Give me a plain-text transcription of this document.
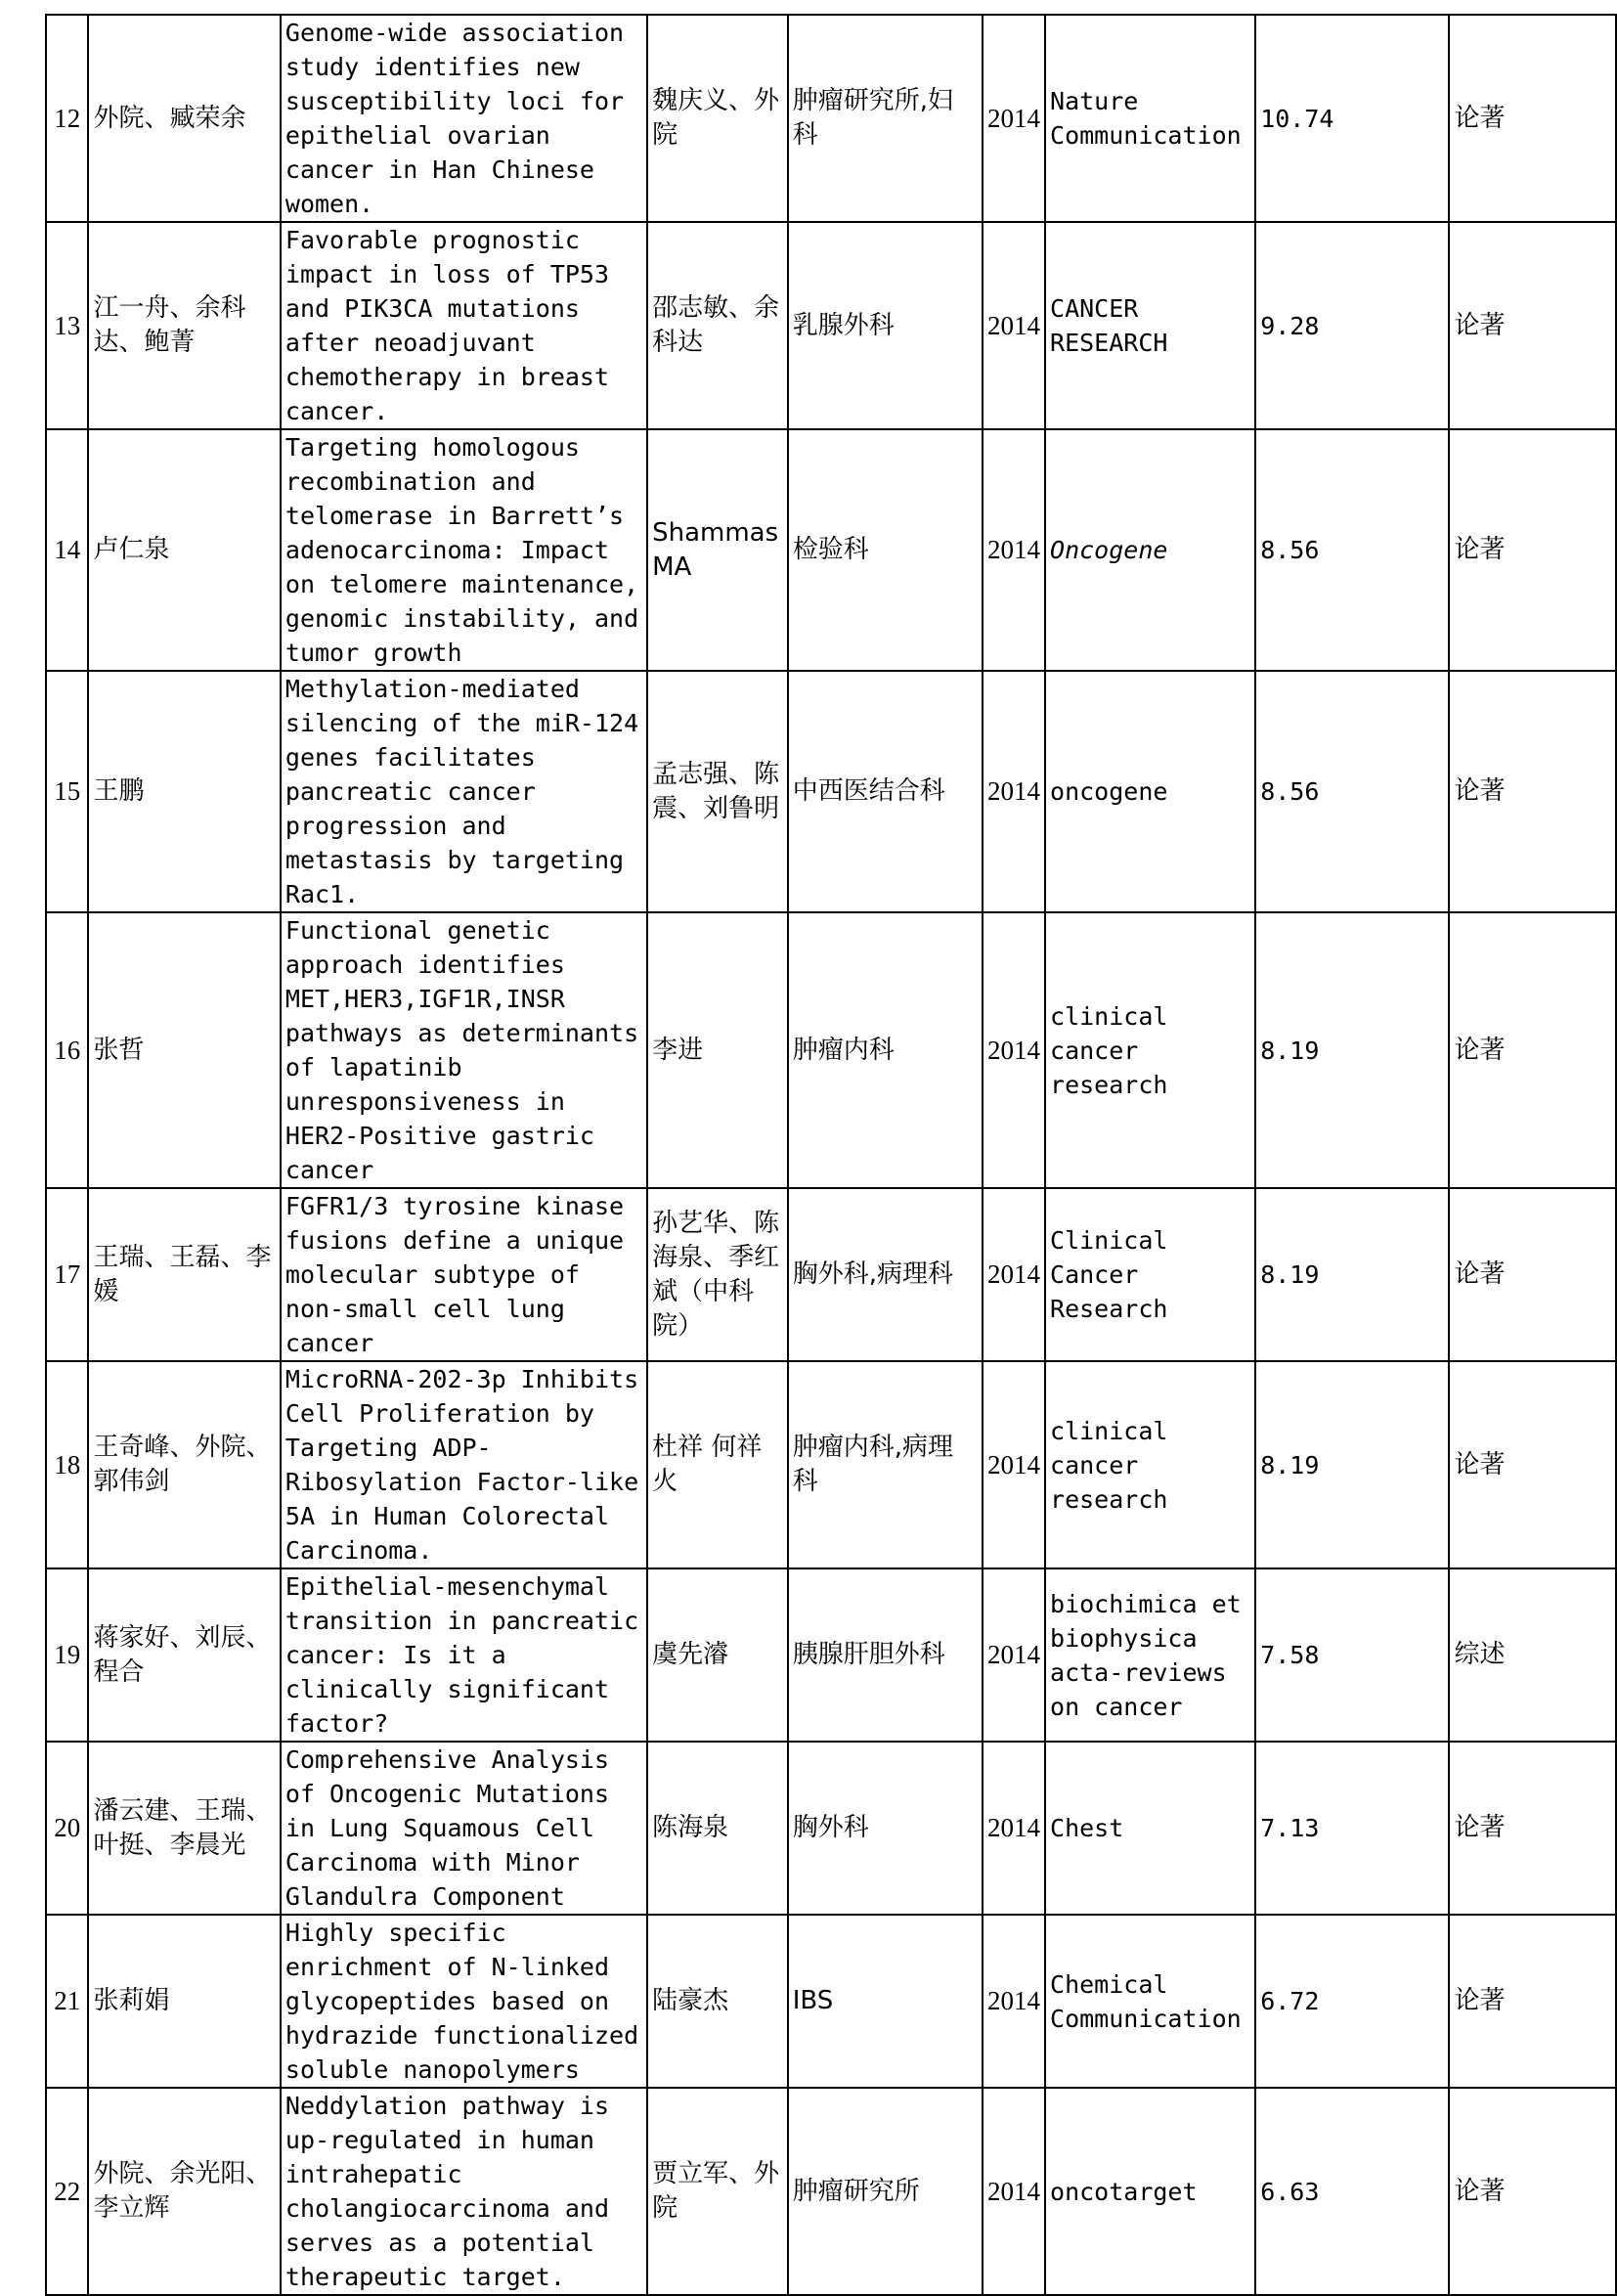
12	外院、臧荣余	Genome-wide association study identifies new susceptibility loci for epithelial ovarian cancer in Han Chinese women.	魏庆义、外院	肿瘤研究所,妇科	2014	Nature Communication	10.74	论著
13	江一舟、余科达、鲍菁	Favorable prognostic impact in loss of TP53 and PIK3CA mutations after neoadjuvant chemotherapy in breast cancer.	邵志敏、余科达	乳腺外科	2014	CANCER RESEARCH	9.28	论著
14	卢仁泉	Targeting homologous recombination and telomerase in Barrett’s adenocarcinoma: Impact on telomere maintenance, genomic instability, and tumor growth	Shammas MA	检验科	2014	Oncogene	8.56	论著
15	王鹏	Methylation-mediated silencing of the miR-124 genes facilitates pancreatic cancer progression and metastasis by targeting Rac1.	孟志强、陈震、刘鲁明	中西医结合科	2014	oncogene	8.56	论著
16	张哲	Functional genetic approach identifies MET,HER3,IGF1R,INSR pathways as determinants of lapatinib unresponsiveness in HER2-Positive gastric cancer	李进	肿瘤内科	2014	clinical cancer research	8.19	论著
17	王瑞、王磊、李媛	FGFR1/3 tyrosine kinase fusions define a unique molecular subtype of non-small cell lung cancer	孙艺华、陈海泉、季红斌（中科院）	胸外科,病理科	2014	Clinical Cancer Research	8.19	论著
18	王奇峰、外院、郭伟剑	MicroRNA-202-3p Inhibits Cell Proliferation by Targeting ADP-Ribosylation Factor-like 5A in Human Colorectal Carcinoma.	杜祥 何祥火	肿瘤内科,病理科	2014	clinical cancer research	8.19	论著
19	蒋家好、刘辰、程合	Epithelial-mesenchymal transition in pancreatic cancer: Is it a clinically significant factor?	虞先濬	胰腺肝胆外科	2014	biochimica et biophysica acta-reviews on cancer	7.58	综述
20	潘云建、王瑞、叶挺、李晨光	Comprehensive Analysis of Oncogenic Mutations in Lung Squamous Cell Carcinoma with Minor Glandulra Component	陈海泉	胸外科	2014	Chest	7.13	论著
21	张莉娟	Highly specific enrichment of N-linked glycopeptides based on hydrazide functionalized soluble nanopolymers	陆豪杰	IBS	2014	Chemical Communication	6.72	论著
22	外院、余光阳、李立辉	Neddylation pathway is up-regulated in human intrahepatic cholangiocarcinoma and serves as a potential therapeutic target.	贾立军、外院	肿瘤研究所	2014	oncotarget	6.63	论著
